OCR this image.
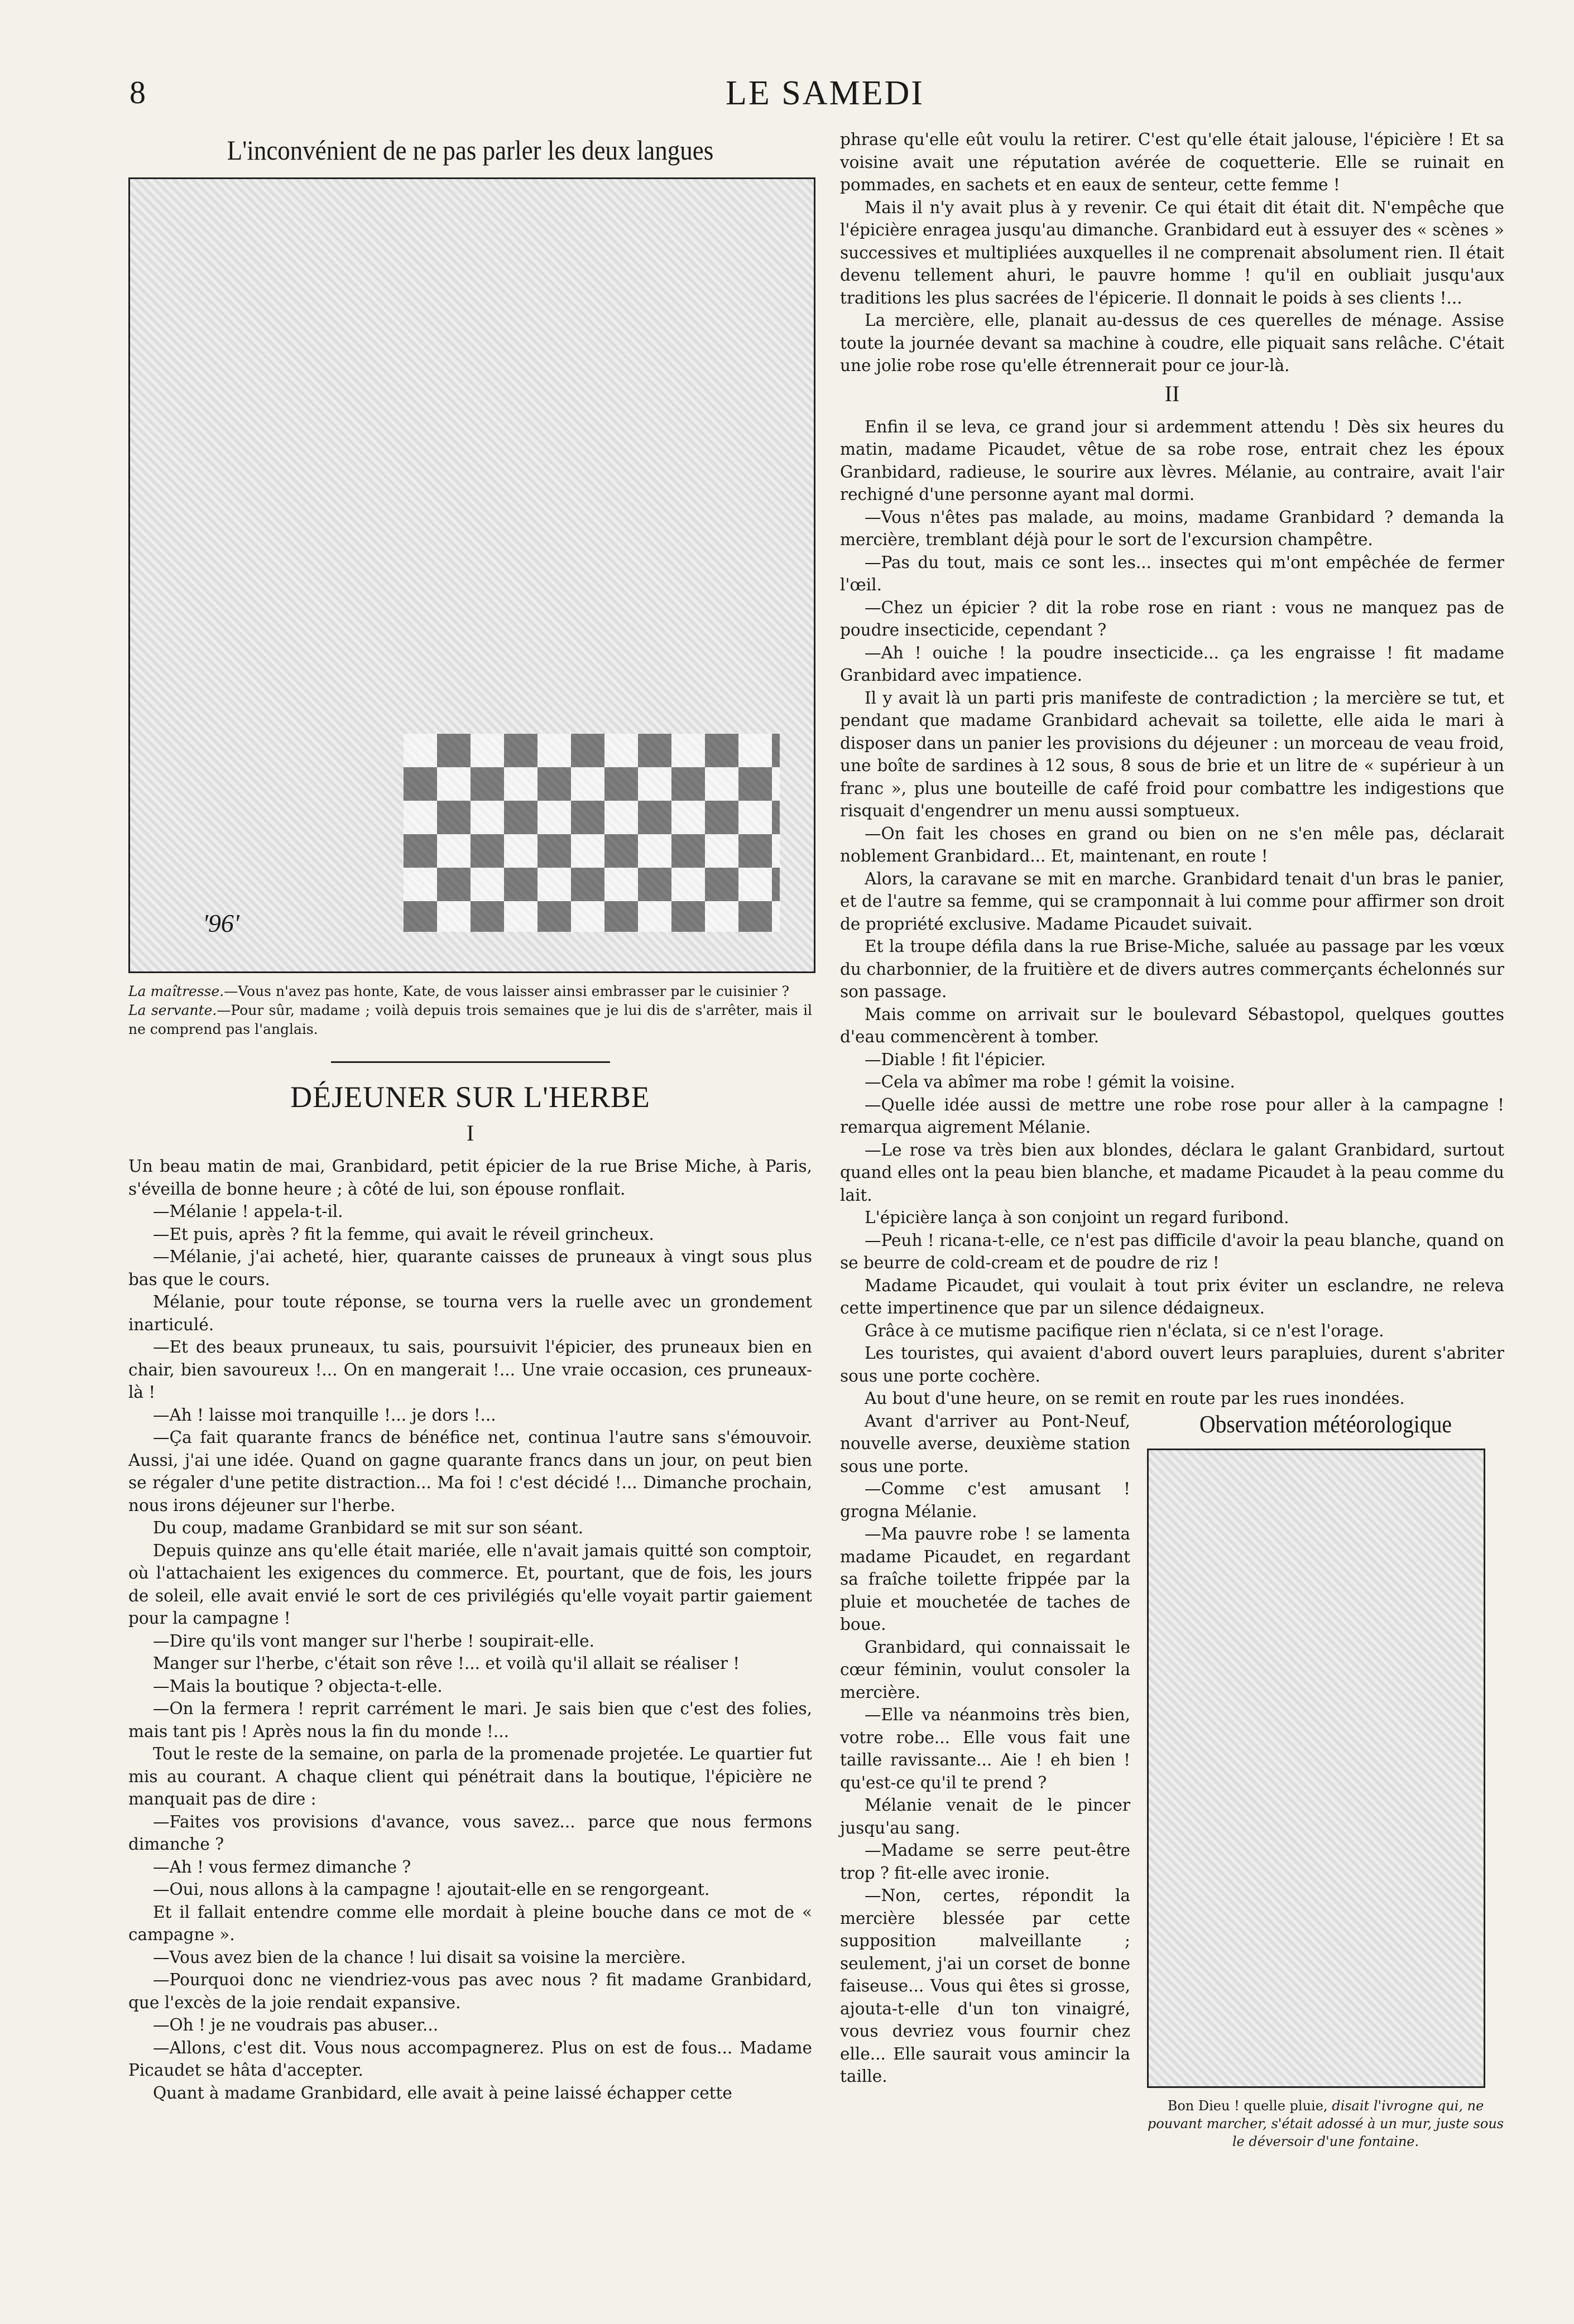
8	LE SAMEDI
L'inconvénient de ne pas parler les deux langues
'96'
La maîtresse.—Vous n'avez pas honte, Kate, de vous laisser ainsi embrasser par le cuisinier ?
La servante.—Pour sûr, madame ; voilà depuis trois semaines que je lui dis de s'arrêter, mais il ne comprend pas l'anglais.
DÉJEUNER SUR L'HERBE
I

Un beau matin de mai, Granbidard, petit épicier de la rue Brise Miche, à Paris, s'éveilla de bonne heure ; à côté de lui, son épouse ronflait.

—Mélanie ! appela-t-il.

—Et puis, après ? fit la femme, qui avait le réveil grincheux.

—Mélanie, j'ai acheté, hier, quarante caisses de pruneaux à vingt sous plus bas que le cours.

Mélanie, pour toute réponse, se tourna vers la ruelle avec un grondement inarticulé.

—Et des beaux pruneaux, tu sais, poursuivit l'épicier, des pruneaux bien en chair, bien savoureux !... On en mangerait !... Une vraie occasion, ces pruneaux-là !

—Ah ! laisse moi tranquille !... je dors !...

—Ça fait quarante francs de bénéfice net, continua l'autre sans s'émouvoir. Aussi, j'ai une idée. Quand on gagne quarante francs dans un jour, on peut bien se régaler d'une petite distraction... Ma foi ! c'est décidé !... Dimanche prochain, nous irons déjeuner sur l'herbe.

Du coup, madame Granbidard se mit sur son séant.

Depuis quinze ans qu'elle était mariée, elle n'avait jamais quitté son comptoir, où l'attachaient les exigences du commerce. Et, pourtant, que de fois, les jours de soleil, elle avait envié le sort de ces privilégiés qu'elle voyait partir gaiement pour la campagne !

—Dire qu'ils vont manger sur l'herbe ! soupirait-elle.

Manger sur l'herbe, c'était son rêve !... et voilà qu'il allait se réaliser !

—Mais la boutique ? objecta-t-elle.

—On la fermera ! reprit carrément le mari. Je sais bien que c'est des folies, mais tant pis ! Après nous la fin du monde !...

Tout le reste de la semaine, on parla de la promenade projetée. Le quartier fut mis au courant. A chaque client qui pénétrait dans la boutique, l'épicière ne manquait pas de dire :

—Faites vos provisions d'avance, vous savez... parce que nous fermons dimanche ?

—Ah ! vous fermez dimanche ?

—Oui, nous allons à la campagne ! ajoutait-elle en se rengorgeant.

Et il fallait entendre comme elle mordait à pleine bouche dans ce mot de « campagne ».

—Vous avez bien de la chance ! lui disait sa voisine la mercière.

—Pourquoi donc ne viendriez-vous pas avec nous ? fit madame Granbidard, que l'excès de la joie rendait expansive.

—Oh ! je ne voudrais pas abuser...

—Allons, c'est dit. Vous nous accompagnerez. Plus on est de fous... Madame Picaudet se hâta d'accepter.

Quant à madame Granbidard, elle avait à peine laissé échapper cette

phrase qu'elle eût voulu la retirer. C'est qu'elle était jalouse, l'épicière ! Et sa voisine avait une réputation avérée de coquetterie. Elle se ruinait en pommades, en sachets et en eaux de senteur, cette femme !

Mais il n'y avait plus à y revenir. Ce qui était dit était dit. N'empêche que l'épicière enragea jusqu'au dimanche. Granbidard eut à essuyer des « scènes » successives et multipliées auxquelles il ne comprenait absolument rien. Il était devenu tellement ahuri, le pauvre homme ! qu'il en oubliait jusqu'aux traditions les plus sacrées de l'épicerie. Il donnait le poids à ses clients !...

La mercière, elle, planait au-dessus de ces querelles de ménage. Assise toute la journée devant sa machine à coudre, elle piquait sans relâche. C'était une jolie robe rose qu'elle étrennerait pour ce jour-là.

II

Enfin il se leva, ce grand jour si ardemment attendu ! Dès six heures du matin, madame Picaudet, vêtue de sa robe rose, entrait chez les époux Granbidard, radieuse, le sourire aux lèvres. Mélanie, au contraire, avait l'air rechigné d'une personne ayant mal dormi.

—Vous n'êtes pas malade, au moins, madame Granbidard ? demanda la mercière, tremblant déjà pour le sort de l'excursion champêtre.

—Pas du tout, mais ce sont les... insectes qui m'ont empêchée de fermer l'œil.

—Chez un épicier ? dit la robe rose en riant : vous ne manquez pas de poudre insecticide, cependant ?

—Ah ! ouiche ! la poudre insecticide... ça les engraisse ! fit madame Granbidard avec impatience.

Il y avait là un parti pris manifeste de contradiction ; la mercière se tut, et pendant que madame Granbidard achevait sa toilette, elle aida le mari à disposer dans un panier les provisions du déjeuner : un morceau de veau froid, une boîte de sardines à 12 sous, 8 sous de brie et un litre de « supérieur à un franc », plus une bouteille de café froid pour combattre les indigestions que risquait d'engendrer un menu aussi somptueux.

—On fait les choses en grand ou bien on ne s'en mêle pas, déclarait noblement Granbidard... Et, maintenant, en route !

Alors, la caravane se mit en marche. Granbidard tenait d'un bras le panier, et de l'autre sa femme, qui se cramponnait à lui comme pour affirmer son droit de propriété exclusive. Madame Picaudet suivait.

Et la troupe défila dans la rue Brise-Miche, saluée au passage par les vœux du charbonnier, de la fruitière et de divers autres commerçants échelonnés sur son passage.

Mais comme on arrivait sur le boulevard Sébastopol, quelques gouttes d'eau commencèrent à tomber.

—Diable ! fit l'épicier.

—Cela va abîmer ma robe ! gémit la voisine.

—Quelle idée aussi de mettre une robe rose pour aller à la campagne ! remarqua aigrement Mélanie.

—Le rose va très bien aux blondes, déclara le galant Granbidard, surtout quand elles ont la peau bien blanche, et madame Picaudet à la peau comme du lait.

L'épicière lança à son conjoint un regard furibond.

—Peuh ! ricana-t-elle, ce n'est pas difficile d'avoir la peau blanche, quand on se beurre de cold-cream et de poudre de riz !

Madame Picaudet, qui voulait à tout prix éviter un esclandre, ne releva cette impertinence que par un silence dédaigneux.

Grâce à ce mutisme pacifique rien n'éclata, si ce n'est l'orage.

Les touristes, qui avaient d'abord ouvert leurs parapluies, durent s'abriter sous une porte cochère.

Au bout d'une heure, on se remit en route par les rues inondées.

Observation météorologique
Bon Dieu ! quelle pluie, disait l'ivrogne qui, ne pouvant marcher, s'était adossé à un mur, juste sous le déversoir d'une fontaine.

Avant d'arriver au Pont-Neuf, nouvelle averse, deuxième station sous une porte.

—Comme c'est amusant ! grogna Mélanie.

—Ma pauvre robe ! se lamenta madame Picaudet, en regardant sa fraîche toilette frippée par la pluie et mouchetée de taches de boue.

Granbidard, qui connaissait le cœur féminin, voulut consoler la mercière.

—Elle va néanmoins très bien, votre robe... Elle vous fait une taille ravissante... Aie ! eh bien ! qu'est-ce qu'il te prend ?

Mélanie venait de le pincer jusqu'au sang.

—Madame se serre peut-être trop ? fit-elle avec ironie.

—Non, certes, répondit la mercière blessée par cette supposition malveillante ; seulement, j'ai un corset de bonne faiseuse... Vous qui êtes si grosse, ajouta-t-elle d'un ton vinaigré, vous devriez vous fournir chez elle... Elle saurait vous amincir la taille.
